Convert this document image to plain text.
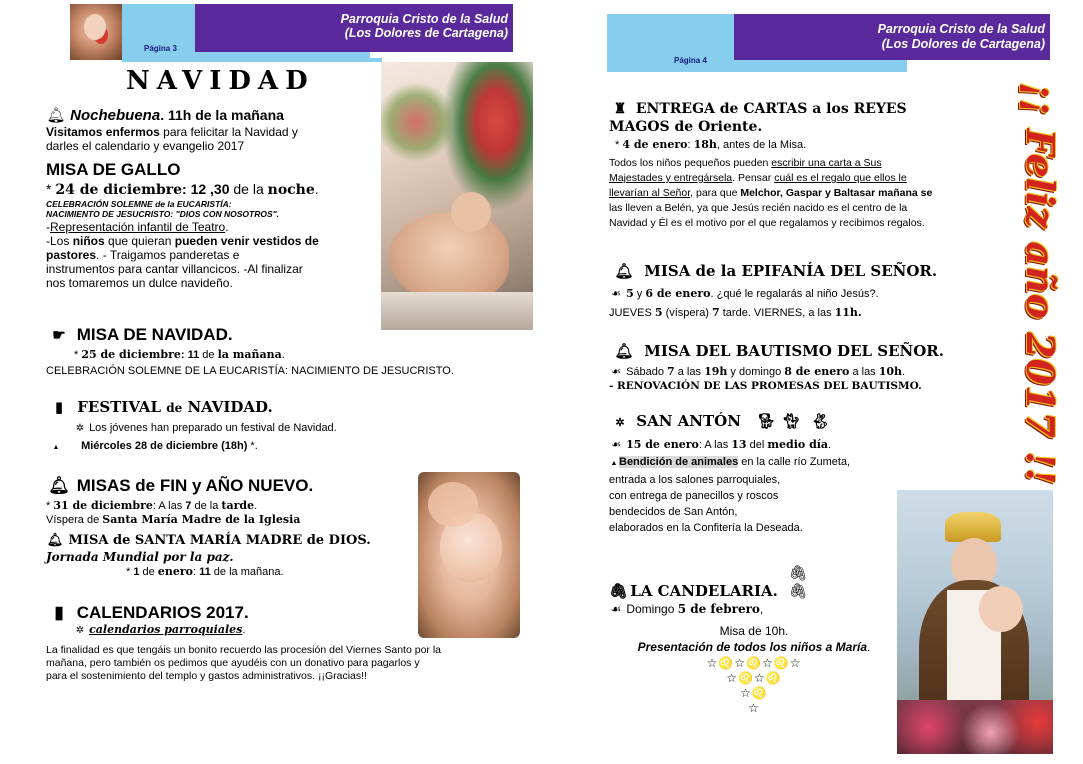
Página 3
Parroquia Cristo de la Salud
(Los Dolores de Cartagena)
NAVIDAD
🔔︎ Nochebuena. 11h de la mañana
Visitamos enfermos para felicitar la Navidad y
darles el calendario y evangelio 2017
MISA DE GALLO
* 24 de diciembre: 12 ,30 de la noche.
CELEBRACIÓN SOLEMNE de la EUCARISTÍA:
NACIMIENTO DE JESUCRISTO: "DIOS CON NOSOTROS".
-Representación infantil de Teatro.
-Los niños que quieran pueden venir vestidos de
pastores. - Traigamos panderetas e
instrumentos para cantar villancicos. -Al finalizar
nos tomaremos un dulce navideño.
☛ MISA DE NAVIDAD.
* 25 de diciembre: 11 de la mañana.
CELEBRACIÓN SOLEMNE DE LA EUCARISTÍA: NACIMIENTO DE JESUCRISTO.
▮ FESTIVAL de NAVIDAD.
✲ Los jóvenes han preparado un festival de Navidad.
▲ Miércoles 28 de diciembre (18h) *.
🔔︎ MISAS de FIN y AÑO NUEVO.
* 31 de diciembre: A las 7 de la tarde.
Víspera de Santa María Madre de la Iglesia
🔔︎ MISA de SANTA MARÍA MADRE de DIOS.
Jornada Mundial por la paz.
* 1 de enero: 11 de la mañana.
▮ CALENDARIOS 2017.
✲ calendarios parroquiales.
La finalidad es que tengáis un bonito recuerdo las procesión del Viernes Santo por la
mañana, pero también os pedimos que ayudéis con un donativo para pagarlos y
para el sostenimiento del templo y gastos administrativos. ¡¡Gracias!!
Página 4
Parroquia Cristo de la Salud
(Los Dolores de Cartagena)
¡¡ Feliz año 2017 !!
♜ ENTREGA de CARTAS a los REYES
MAGOS de Oriente.
* 4 de enero: 18h, antes de la Misa.
Todos los niños pequeños pueden escribir una carta a Sus
Majestades y entregársela. Pensar cuál es el regalo que ellos le
llevarían al Señor, para que Melchor, Gaspar y Baltasar mañana se
las lleven a Belén, ya que Jesús recién nacido es el centro de la
Navidad y Él es el motivo por el que regalamos y recibimos regalos.
🔔︎ MISA de la EPIFANÍA DEL SEÑOR.
☙ 5 y 6 de enero. ¿qué le regalarás al niño Jesús?.
JUEVES 5 (víspera) 7 tarde. VIERNES, a las 11h.
🔔︎ MISA DEL BAUTISMO DEL SEÑOR.
☙ Sábado 7 a las 19h y domingo 8 de enero a las 10h.
- RENOVACIÓN DE LAS PROMESAS DEL BAUTISMO.
✲ SAN ANTÓN 🐕︎ 🐈︎ 🐇︎
☙ 15 de enero: A las 13 del medio día.
▲ Bendición de animales en la calle río Zumeta,
entrada a los salones parroquiales,
con entrega de panecillos y roscos
bendecidos de San Antón,
elaborados en la Confitería la Deseada.
🖇︎ LA CANDELARIA. 🖇︎🖇︎
☙ Domingo 5 de febrero,
Misa de 10h.
Presentación de todos los niños a María.
☆♌☆♌☆♌☆
☆♌☆♌
☆♌
☆
